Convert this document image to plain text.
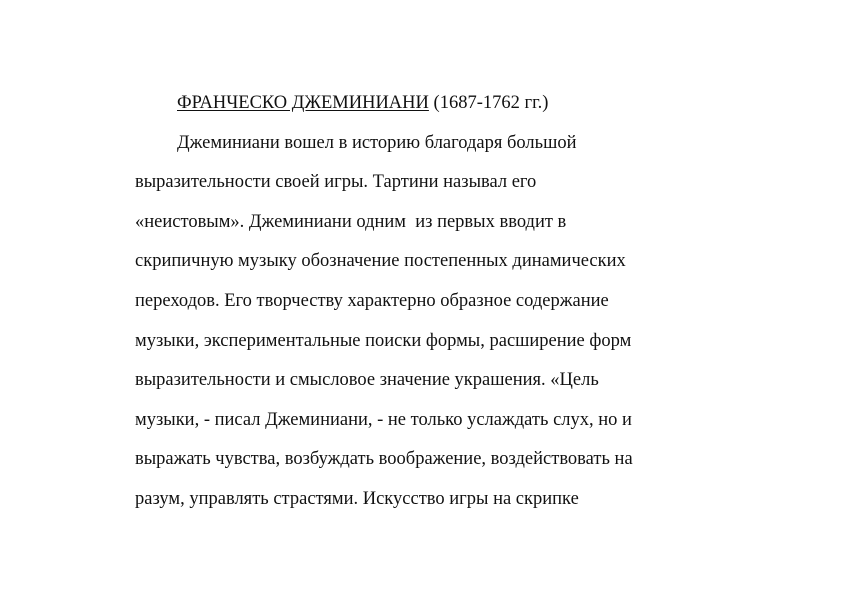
ФРАНЧЕСКО ДЖЕМИНИАНИ (1687-1762 гг.)
Джеминиани вошел в историю благодаря большой
выразительности своей игры. Тартини называл его
«неистовым». Джеминиани одним  из первых вводит в
скрипичную музыку обозначение постепенных динамических
переходов. Его творчеству характерно образное содержание
музыки, экспериментальные поиски формы, расширение форм
выразительности и смысловое значение украшения. «Цель
музыки, - писал Джеминиани, - не только услаждать слух, но и
выражать чувства, возбуждать воображение, воздействовать на
разум, управлять страстями. Искусство игры на скрипке
